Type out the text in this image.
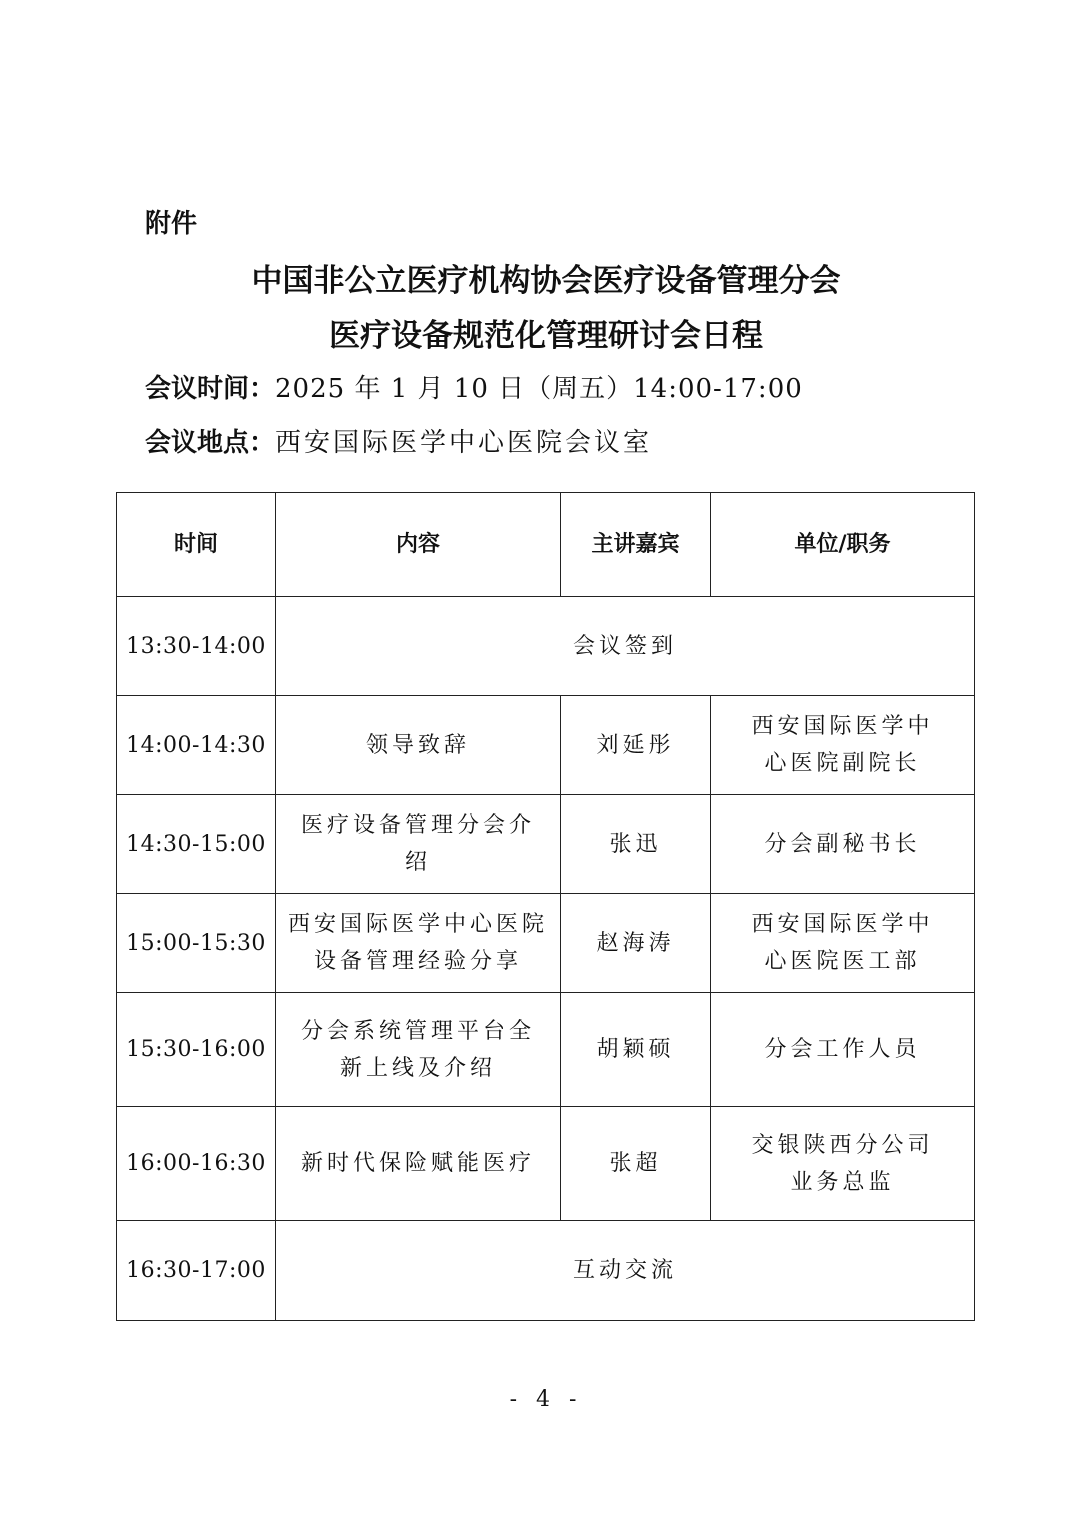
附件
中国非公立医疗机构协会医疗设备管理分会
医疗设备规范化管理研讨会日程
会议时间：2025 年 1 月 10 日（周五）14:00-17:00
会议地点：西安国际医学中心医院会议室
时间	内容	主讲嘉宾	单位/职务
13:30-14:00	会议签到		
14:00-14:30	领导致辞	刘延彤	西安国际医学中心医院副院长
14:30-15:00	医疗设备管理分会介绍	张迅	分会副秘书长
15:00-15:30	西安国际医学中心医院设备管理经验分享	赵海涛	西安国际医学中心医院医工部
15:30-16:00	分会系统管理平台全新上线及介绍	胡颖硕	分会工作人员
16:00-16:30	新时代保险赋能医疗	张超	交银陕西分公司业务总监
16:30-17:00	互动交流		
- 4 -
